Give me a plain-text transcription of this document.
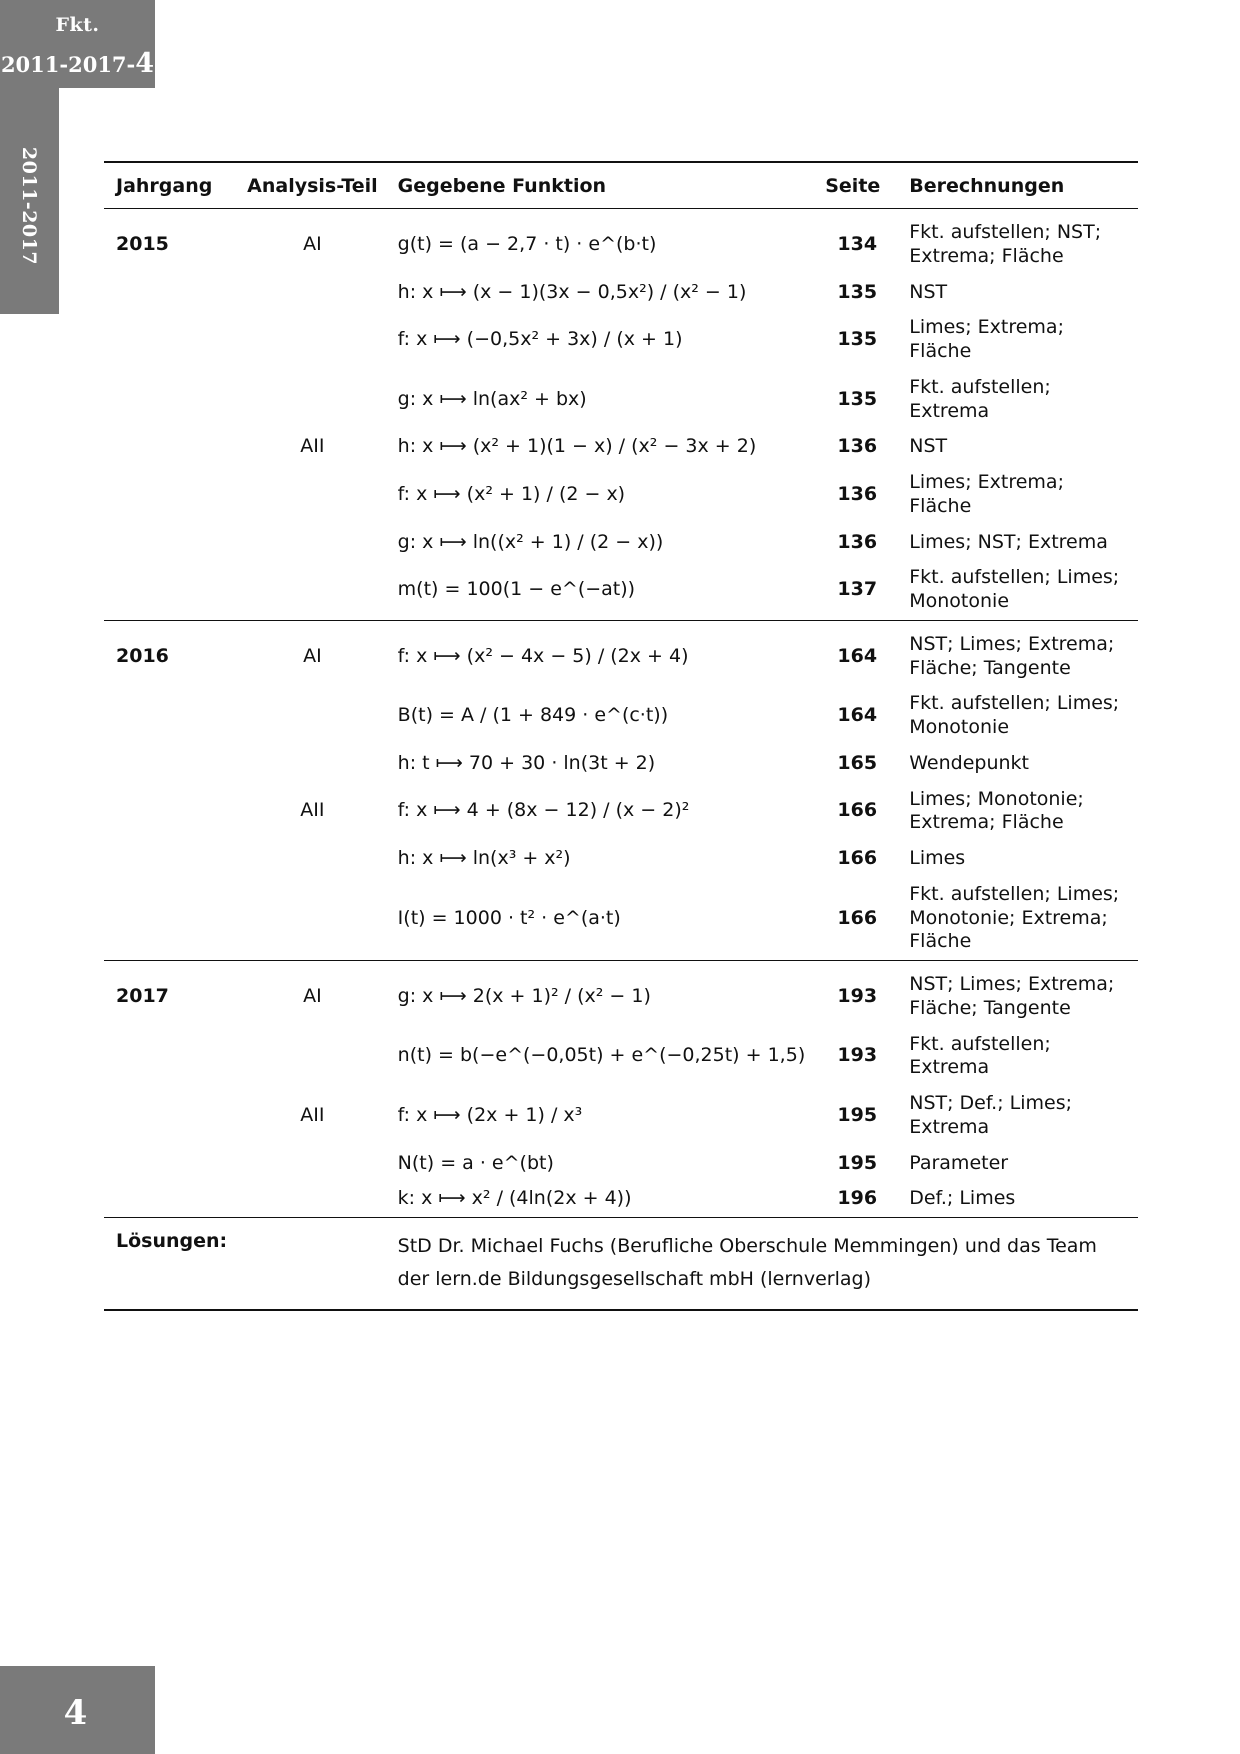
Fkt.
2011-2017-4
2011-2017
4
Jahrgang	Analysis-Teil	Gegebene Funktion	Seite	Berechnungen
2015	AI	g(t) = (a − 2,7 · t) · e^(b·t)	134	Fkt. aufstellen; NST; Extrema; Fläche
		h: x ⟼ (x − 1)(3x − 0,5x²) / (x² − 1)	135	NST
		f: x ⟼ (−0,5x² + 3x) / (x + 1)	135	Limes; Extrema; Fläche
		g: x ⟼ ln(ax² + bx)	135	Fkt. aufstellen; Extrema
	AII	h: x ⟼ (x² + 1)(1 − x) / (x² − 3x + 2)	136	NST
		f: x ⟼ (x² + 1) / (2 − x)	136	Limes; Extrema; Fläche
		g: x ⟼ ln((x² + 1) / (2 − x))	136	Limes; NST; Extrema
		m(t) = 100(1 − e^(−at))	137	Fkt. aufstellen; Limes; Monotonie
2016	AI	f: x ⟼ (x² − 4x − 5) / (2x + 4)	164	NST; Limes; Extrema; Fläche; Tangente
		B(t) = A / (1 + 849 · e^(c·t))	164	Fkt. aufstellen; Limes; Monotonie
		h: t ⟼ 70 + 30 · ln(3t + 2)	165	Wendepunkt
	AII	f: x ⟼ 4 + (8x − 12) / (x − 2)²	166	Limes; Monotonie; Extrema; Fläche
		h: x ⟼ ln(x³ + x²)	166	Limes
		I(t) = 1000 · t² · e^(a·t)	166	Fkt. aufstellen; Limes; Monotonie; Extrema; Fläche
2017	AI	g: x ⟼ 2(x + 1)² / (x² − 1)	193	NST; Limes; Extrema; Fläche; Tangente
		n(t) = b(−e^(−0,05t) + e^(−0,25t) + 1,5)	193	Fkt. aufstellen; Extrema
	AII	f: x ⟼ (2x + 1) / x³	195	NST; Def.; Limes; Extrema
		N(t) = a · e^(bt)	195	Parameter
		k: x ⟼ x² / (4ln(2x + 4))	196	Def.; Limes
Lösungen:		StD Dr. Michael Fuchs (Berufliche Oberschule Memmingen) und das Team der lern.de Bildungsgesellschaft mbH (lernverlag)		
